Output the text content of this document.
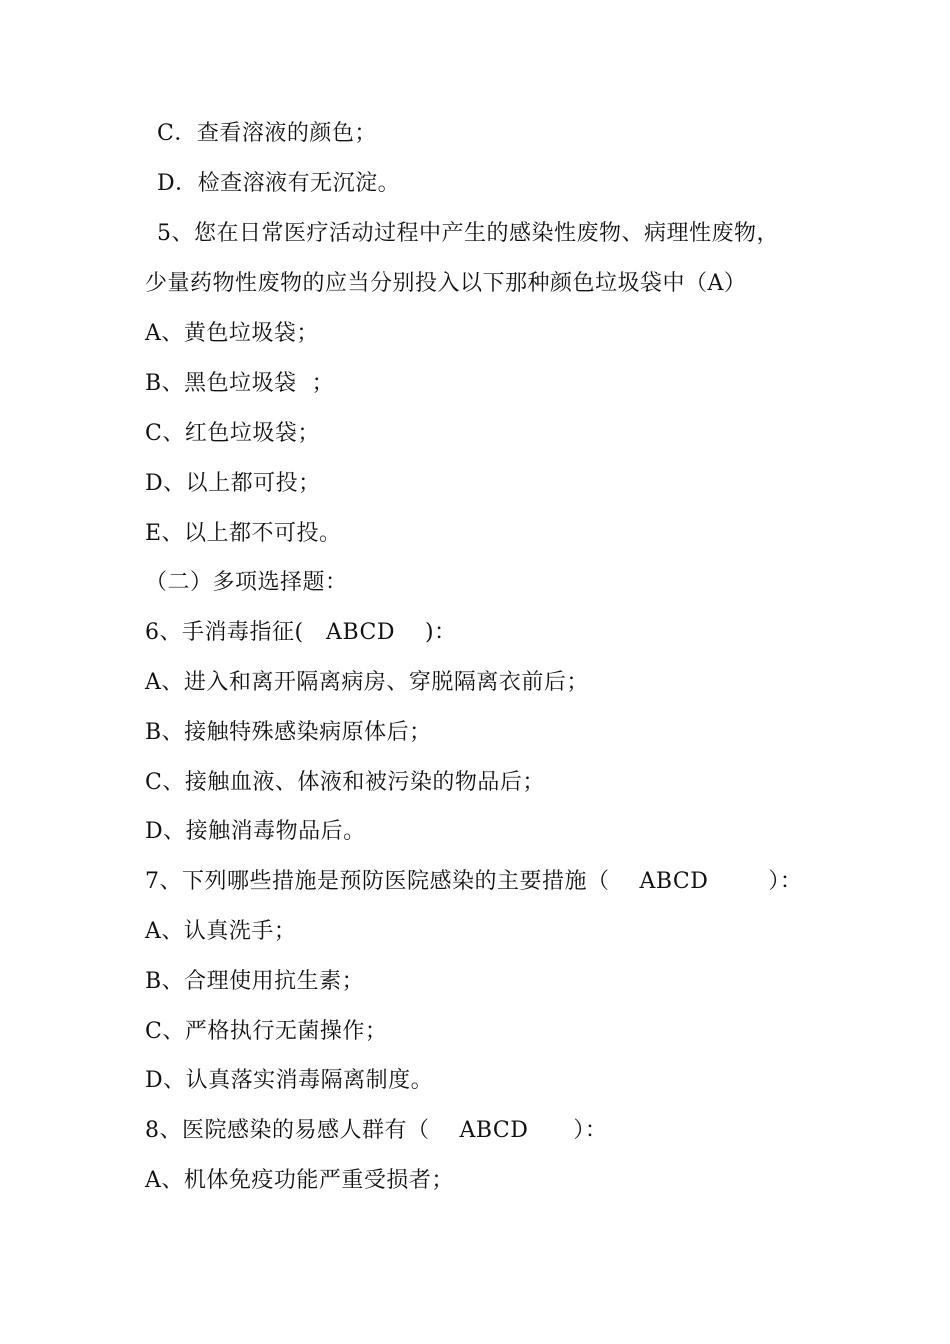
C．查看溶液的颜色；
D．检查溶液有无沉淀。
5、您在日常医疗活动过程中产生的感染性废物、病理性废物，
少量药物性废物的应当分别投入以下那种颜色垃圾袋中（A）
A、黄色垃圾袋；
B、黑色垃圾袋  ；
C、红色垃圾袋；
D、以上都可投；
E、以上都不可投。
（二）多项选择题：
6、手消毒指征(   ABCD    )：
A、进入和离开隔离病房、穿脱隔离衣前后；
B、接触特殊感染病原体后；
C、接触血液、体液和被污染的物品后；
D、接触消毒物品后。
7、下列哪些措施是预防医院感染的主要措施（    ABCD        ）：
A、认真洗手；
B、合理使用抗生素；
C、严格执行无菌操作；
D、认真落实消毒隔离制度。
8、医院感染的易感人群有（    ABCD      ）：
A、机体免疫功能严重受损者；
